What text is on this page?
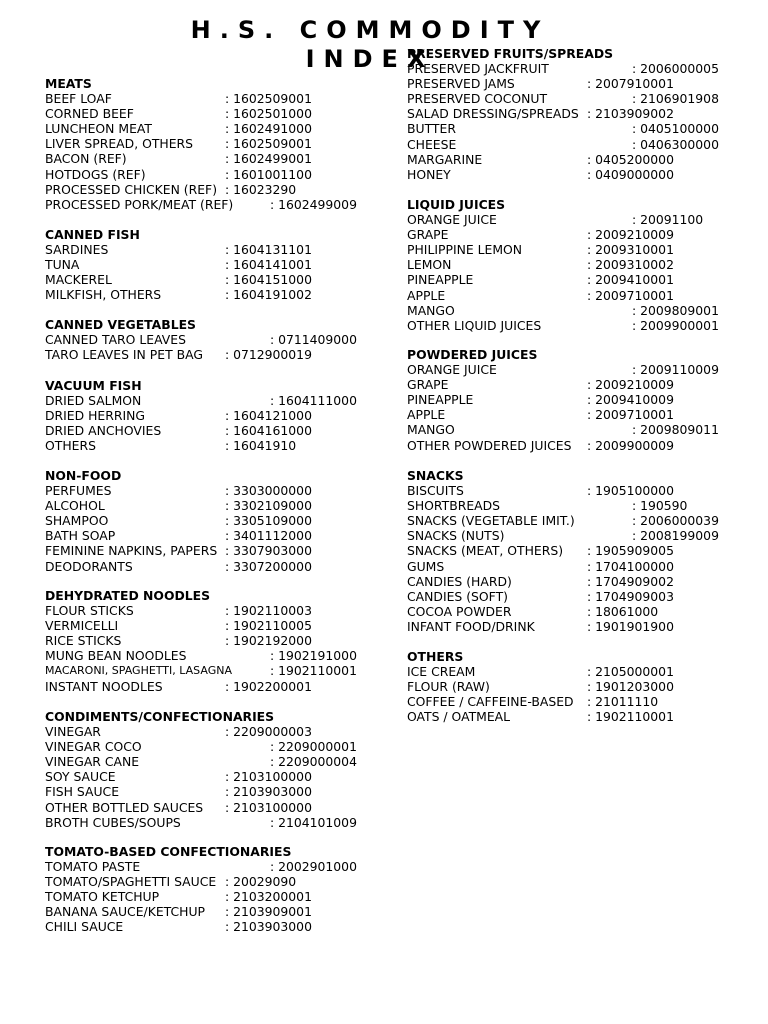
H.S. COMMODITY INDEX
MEATS
BEEF LOAF	: 1602509001
CORNED BEEF	: 1602501000
LUNCHEON MEAT	: 1602491000
LIVER SPREAD, OTHERS	: 1602509001
BACON (REF)	: 1602499001
HOTDOGS (REF)	: 1601001100
PROCESSED CHICKEN (REF) : 16023290
PROCESSED PORK/MEAT (REF)	: 1602499009
CANNED FISH
SARDINES	: 1604131101
TUNA	: 1604141001
MACKEREL	: 1604151000
MILKFISH, OTHERS	: 1604191002
CANNED VEGETABLES
CANNED TARO LEAVES	: 0711409000
TARO LEAVES IN PET BAG : 0712900019
VACUUM FISH
DRIED SALMON	: 1604111000
DRIED HERRING	: 1604121000
DRIED ANCHOVIES	: 1604161000
OTHERS	: 16041910
NON-FOOD
PERFUMES	: 3303000000
ALCOHOL	: 3302109000
SHAMPOO	: 3305109000
BATH SOAP	: 3401112000
FEMININE NAPKINS, PAPERS : 3307903000
DEODORANTS	: 3307200000
DEHYDRATED NOODLES
FLOUR STICKS	: 1902110003
VERMICELLI	: 1902110005
RICE STICKS	: 1902192000
MUNG BEAN NOODLES	: 1902191000
MACARONI, SPAGHETTI, LASAGNA	: 1902110001
INSTANT NOODLES	: 1902200001
CONDIMENTS/CONFECTIONARIES
VINEGAR	: 2209000003
VINEGAR COCO	: 2209000001
VINEGAR CANE	: 2209000004
SOY SAUCE	: 2103100000
FISH SAUCE	: 2103903000
OTHER BOTTLED SAUCES : 2103100000
BROTH CUBES/SOUPS	: 2104101009
TOMATO-BASED CONFECTIONARIES
TOMATO PASTE	: 2002901000
TOMATO/SPAGHETTI SAUCE : 20029090
TOMATO KETCHUP	: 2103200001
BANANA SAUCE/KETCHUP : 2103909001
CHILI SAUCE	: 2103903000
PRESERVED FRUITS/SPREADS
PRESERVED JACKFRUIT	: 2006000005
PRESERVED JAMS	: 2007910001
PRESERVED COCONUT	: 2106901908
SALAD DRESSING/SPREADS : 2103909002
BUTTER	: 0405100000
CHEESE	: 0406300000
MARGARINE	: 0405200000
HONEY	: 0409000000
LIQUID JUICES
ORANGE JUICE	: 20091100
GRAPE	: 2009210009
PHILIPPINE LEMON	: 2009310001
LEMON	: 2009310002
PINEAPPLE	: 2009410001
APPLE	: 2009710001
MANGO	: 2009809001
OTHER LIQUID JUICES	: 2009900001
POWDERED JUICES
ORANGE JUICE	: 2009110009
GRAPE	: 2009210009
PINEAPPLE	: 2009410009
APPLE	: 2009710001
MANGO	: 2009809011
OTHER POWDERED JUICES : 2009900009
SNACKS
BISCUITS	: 1905100000
SHORTBREADS	: 190590
SNACKS (VEGETABLE IMIT.)	: 2006000039
SNACKS (NUTS)	: 2008199009
SNACKS (MEAT, OTHERS) : 1905909005
GUMS	: 1704100000
CANDIES (HARD)	: 1704909002
CANDIES (SOFT)	: 1704909003
COCOA POWDER	: 18061000
INFANT FOOD/DRINK	: 1901901900
OTHERS
ICE CREAM	: 2105000001
FLOUR (RAW)	: 1901203000
COFFEE / CAFFEINE-BASED : 21011110
OATS / OATMEAL	: 1902110001
